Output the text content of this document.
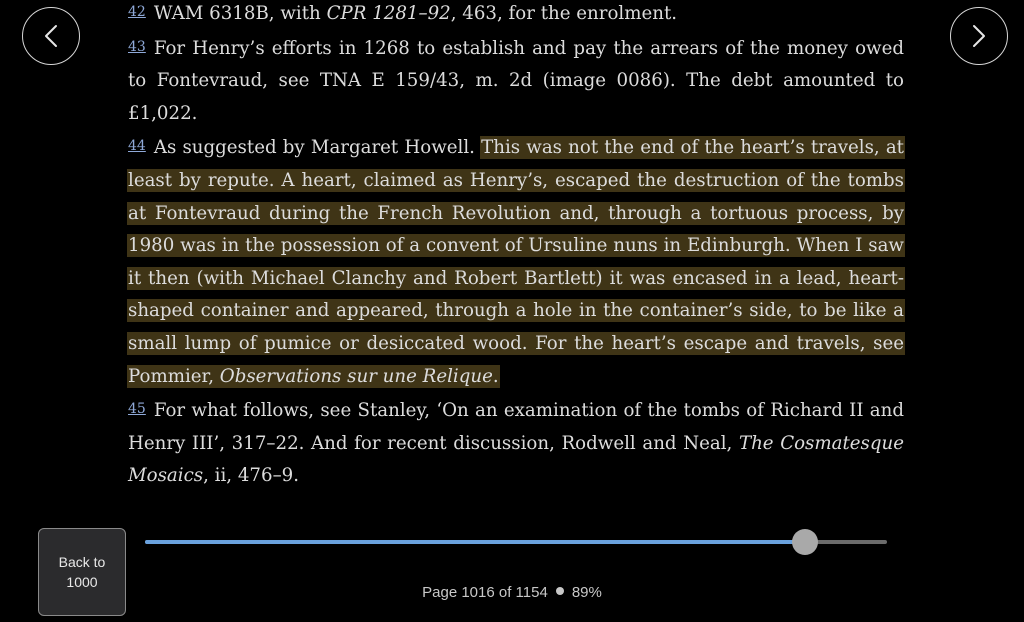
42 WAM 6318B, with CPR 1281–92, 463, for the enrolment.

43 For Henry’s efforts in 1268 to establish and pay the arrears of the money owed to Fontevraud, see TNA E 159/43, m. 2d (image 0086). The debt amounted to £1,022.

44 As suggested by Margaret Howell. This was not the end of the heart’s travels, at least by repute. A heart, claimed as Henry’s, escaped the destruction of the tombs at Fontevraud during the French Revolution and, through a tortuous process, by 1980 was in the possession of a convent of Ursuline nuns in Edinburgh. When I saw it then (with Michael Clanchy and Robert Bartlett) it was encased in a lead, heart-shaped container and appeared, through a hole in the container’s side, to be like a small lump of pumice or desiccated wood. For the heart’s escape and travels, see Pommier, Observations sur une Relique.

45 For what follows, see Stanley, ‘On an examination of the tombs of Richard II and Henry III’, 317–22. And for recent discussion, Rodwell and Neal, The Cosmatesque Mosaics, ii, 476–9.

Back to 1000
Page 1016 of 1154 89%
